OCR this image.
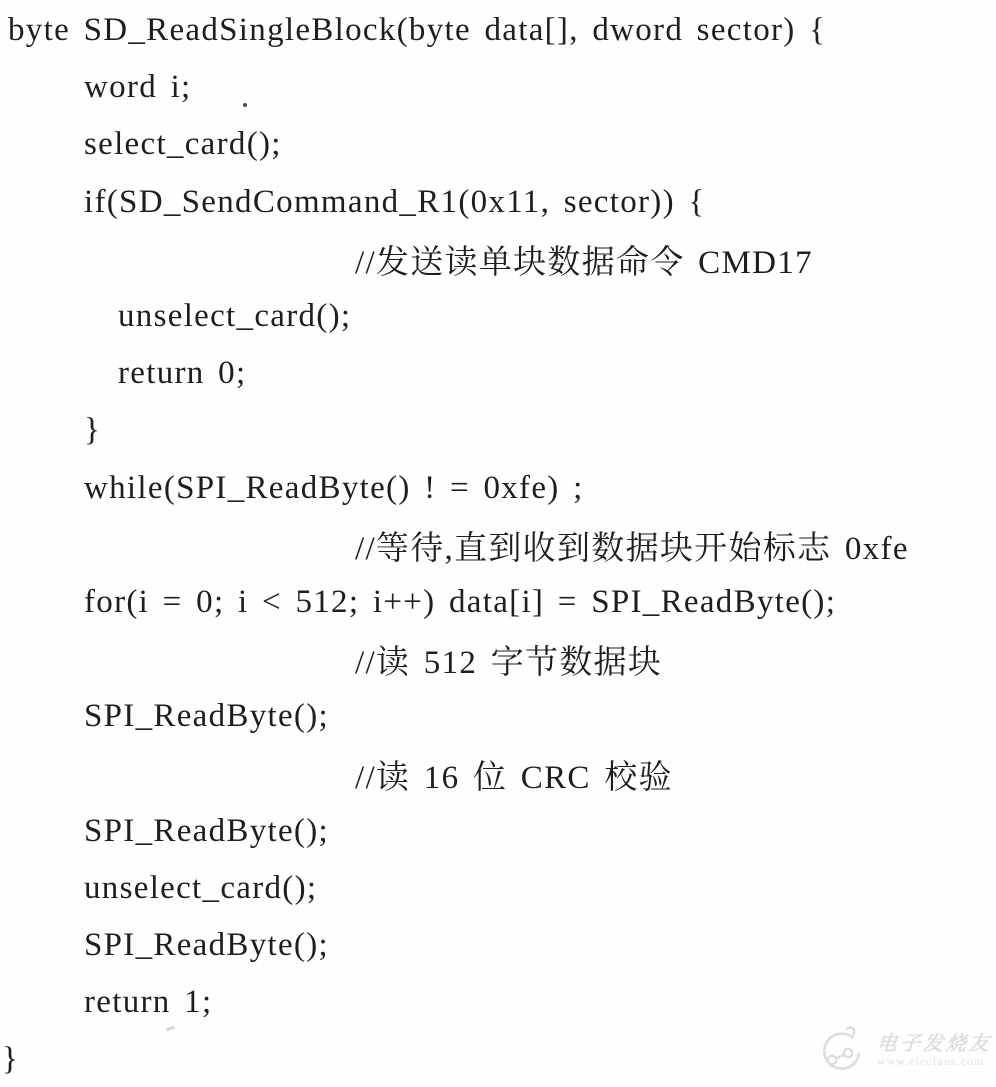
byte SD_ReadSingleBlock(byte data[], dword sector) {
word i;
select_card();
if(SD_SendCommand_R1(0x11, sector)) {
//发送读单块数据命令 CMD17
unselect_card();
return 0;
}
while(SPI_ReadByte() ! = 0xfe) ;
//等待,直到收到数据块开始标志 0xfe
for(i = 0; i < 512; i++) data[i] = SPI_ReadByte();
//读 512 字节数据块
SPI_ReadByte();
//读 16 位 CRC 校验
SPI_ReadByte();
unselect_card();
SPI_ReadByte();
return 1;
}	电子发烧友
www.elecfans.com
